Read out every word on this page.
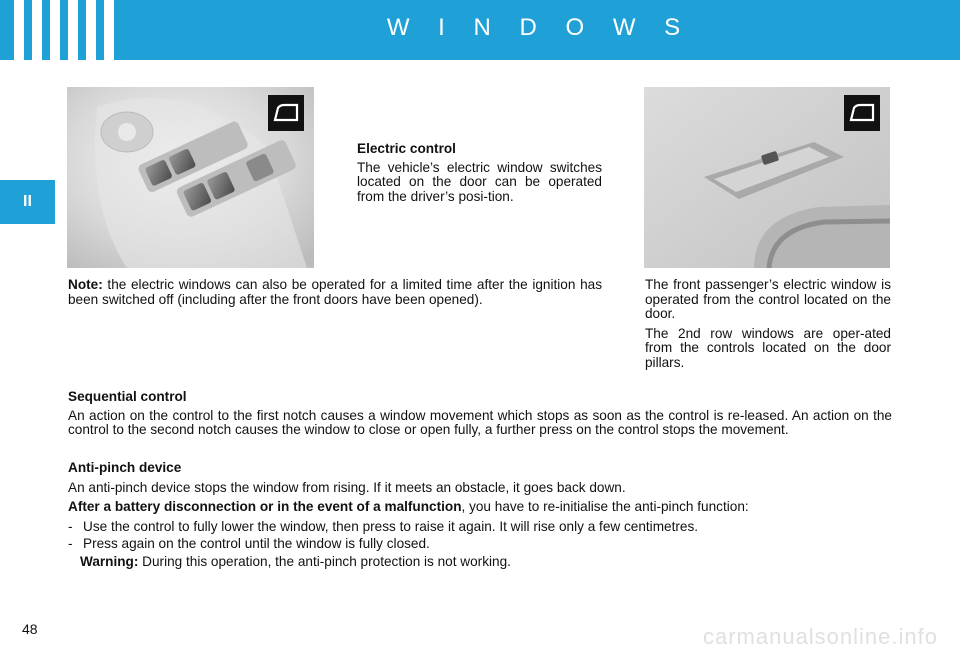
W I N D O W S
II

Electric control

The vehicle’s electric window switches located on the door can be operated from the driver’s posi-tion.

Note: the electric windows can also be operated for a limited time after the ignition has been switched off (including after the front doors have been opened).

The front passenger’s electric window is operated from the control located on the door.

The 2nd row windows are oper-ated from the controls located on the door pillars.

Sequential control

An action on the control to the first notch causes a window movement which stops as soon as the control is re-leased. An action on the control to the second notch causes the window to close or open fully, a further press on the control stops the movement.

Anti-pinch device

An anti-pinch device stops the window from rising. If it meets an obstacle, it goes back down.

After a battery disconnection or in the event of a malfunction, you have to re-initialise the anti-pinch function:

- Use the control to fully lower the window, then press to raise it again. It will rise only a few centimetres.
- Press again on the control until the window is fully closed.

Warning: During this operation, the anti-pinch protection is not working.

48	carmanualsonline.info
